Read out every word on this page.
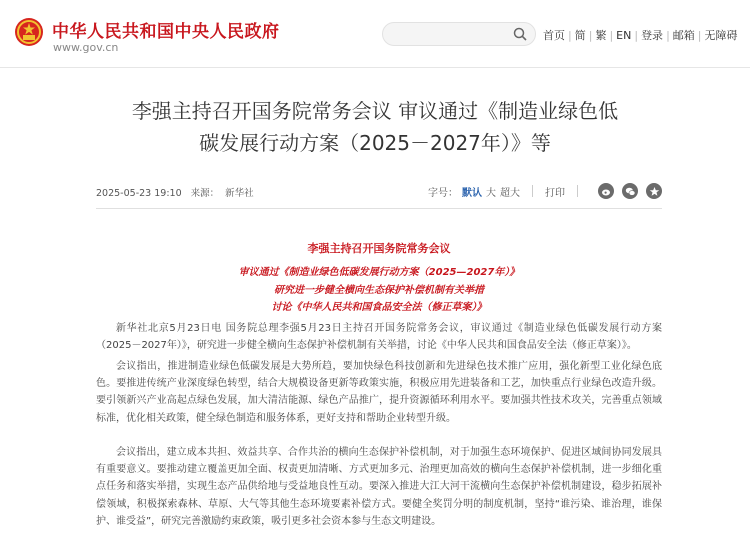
中华人民共和国中央人民政府
www.gov.cn
首页 | 简 | 繁 | EN | 登录 | 邮箱 | 无障碍
李强主持召开国务院常务会议 审议通过《制造业绿色低
碳发展行动方案（2025－2027年）》等
2025-05-23 19:10 来源： 新华社	字号： 默认 大 超大	打印
李强主持召开国务院常务会议
审议通过《制造业绿色低碳发展行动方案（2025—2027年）》
研究进一步健全横向生态保护补偿机制有关举措
讨论《中华人民共和国食品安全法（修正草案）》
新华社北京5月23日电 国务院总理李强5月23日主持召开国务院常务会议，审议通过《制造业绿色低碳发展行动方案（2025－2027年）》，研究进一步健全横向生态保护补偿机制有关举措，讨论《中华人民共和国食品安全法（修正草案）》。
会议指出，推进制造业绿色低碳发展是大势所趋，要加快绿色科技创新和先进绿色技术推广应用，强化新型工业化绿色底色。要推进传统产业深度绿色转型，结合大规模设备更新等政策实施，积极应用先进装备和工艺，加快重点行业绿色改造升级。要引领新兴产业高起点绿色发展，加大清洁能源、绿色产品推广，提升资源循环利用水平。要加强共性技术攻关，完善重点领域标准，优化相关政策，健全绿色制造和服务体系，更好支持和帮助企业转型升级。
会议指出，建立成本共担、效益共享、合作共治的横向生态保护补偿机制，对于加强生态环境保护、促进区域间协同发展具有重要意义。要推动建立覆盖更加全面、权责更加清晰、方式更加多元、治理更加高效的横向生态保护补偿机制，进一步细化重点任务和落实举措，实现生态产品供给地与受益地良性互动。要深入推进大江大河干流横向生态保护补偿机制建设，稳步拓展补偿领域，积极探索森林、草原、大气等其他生态环境要素补偿方式。要健全奖罚分明的制度机制，坚持“谁污染、谁治理，谁保护、谁受益”，研究完善激励约束政策，吸引更多社会资本参与生态文明建设。
